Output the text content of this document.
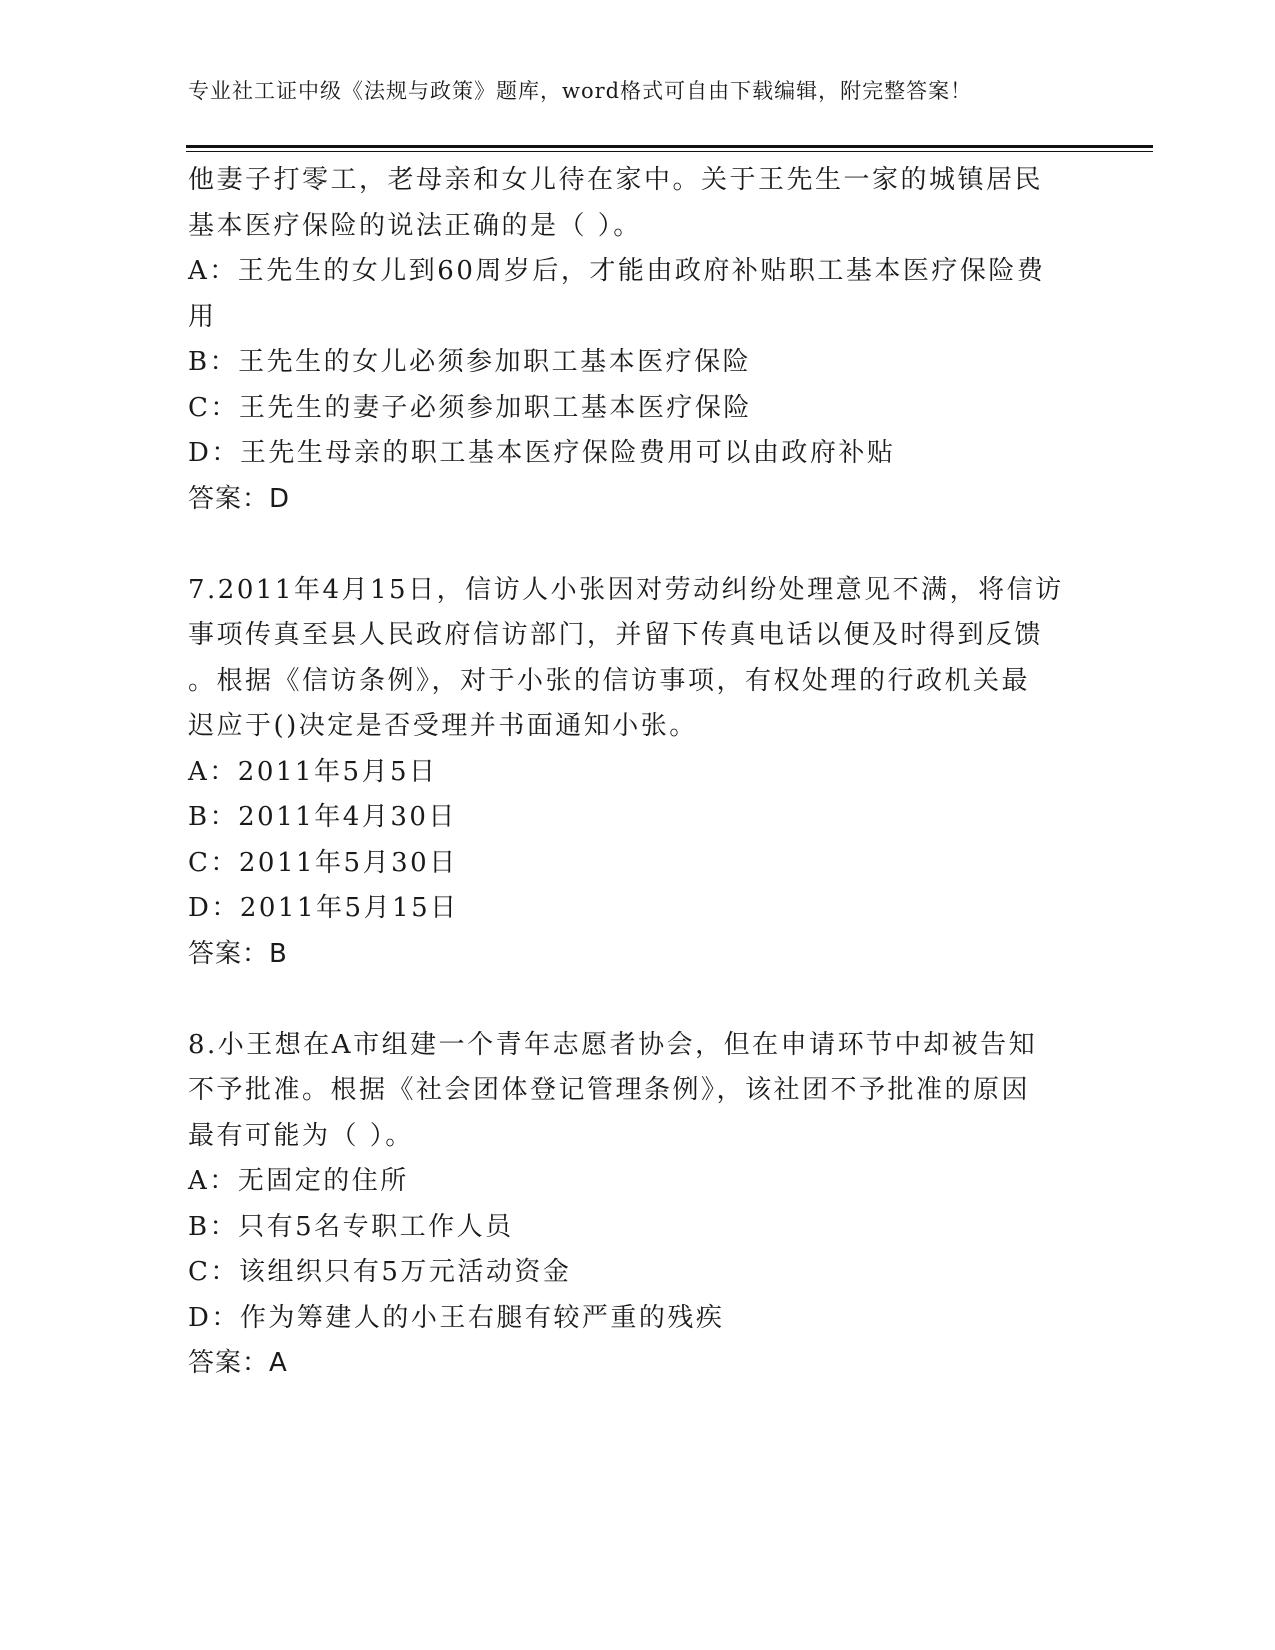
专业社工证中级《法规与政策》题库，word格式可自由下载编辑，附完整答案！
他妻子打零工，老母亲和女儿待在家中。关于王先生一家的城镇居民
基本医疗保险的说法正确的是（ ）。
A：王先生的女儿到60周岁后，才能由政府补贴职工基本医疗保险费
用
B：王先生的女儿必须参加职工基本医疗保险
C：王先生的妻子必须参加职工基本医疗保险
D：王先生母亲的职工基本医疗保险费用可以由政府补贴
答案：D
7.2011年4月15日，信访人小张因对劳动纠纷处理意见不满，将信访
事项传真至县人民政府信访部门，并留下传真电话以便及时得到反馈
。根据《信访条例》，对于小张的信访事项，有权处理的行政机关最
迟应于()决定是否受理并书面通知小张。
A：2011年5月5日
B：2011年4月30日
C：2011年5月30日
D：2011年5月15日
答案：B
8.小王想在A市组建一个青年志愿者协会，但在申请环节中却被告知
不予批准。根据《社会团体登记管理条例》，该社团不予批准的原因
最有可能为（ ）。
A：无固定的住所
B：只有5名专职工作人员
C：该组织只有5万元活动资金
D：作为筹建人的小王右腿有较严重的残疾
答案：A
